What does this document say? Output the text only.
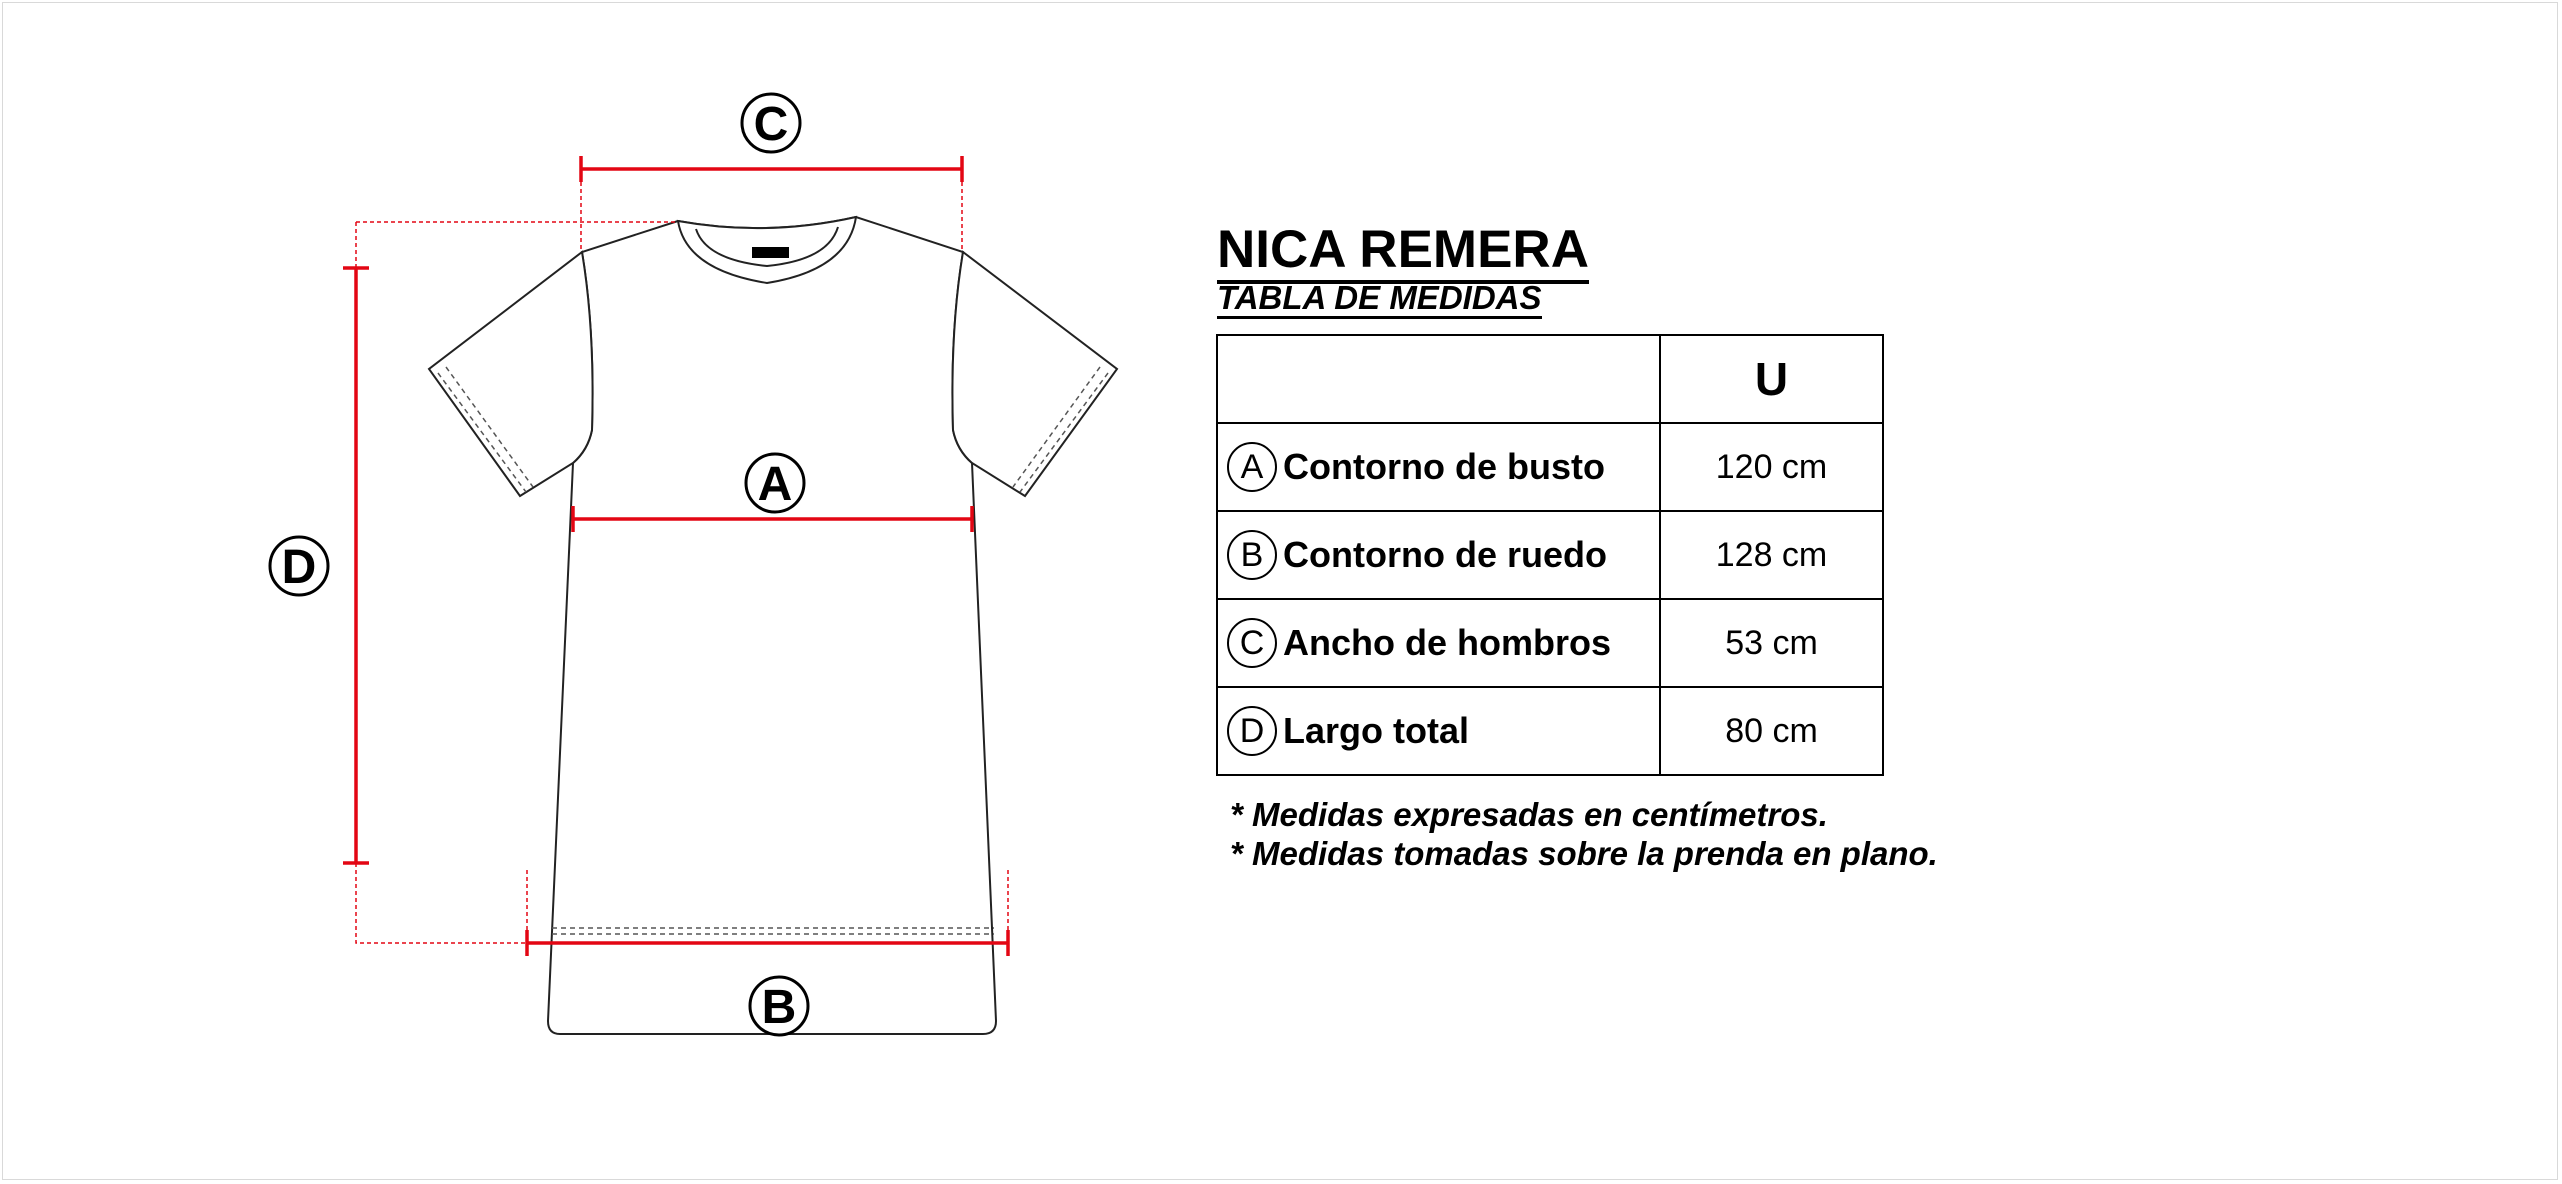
C
A
B
D
NICA REMERA
TABLA DE MEDIDAS
	U
A Contorno de busto	120 cm
B Contorno de ruedo	128 cm
C Ancho de hombros	53 cm
D Largo total	80 cm
* Medidas expresadas en centímetros.
* Medidas tomadas sobre la prenda en plano.
